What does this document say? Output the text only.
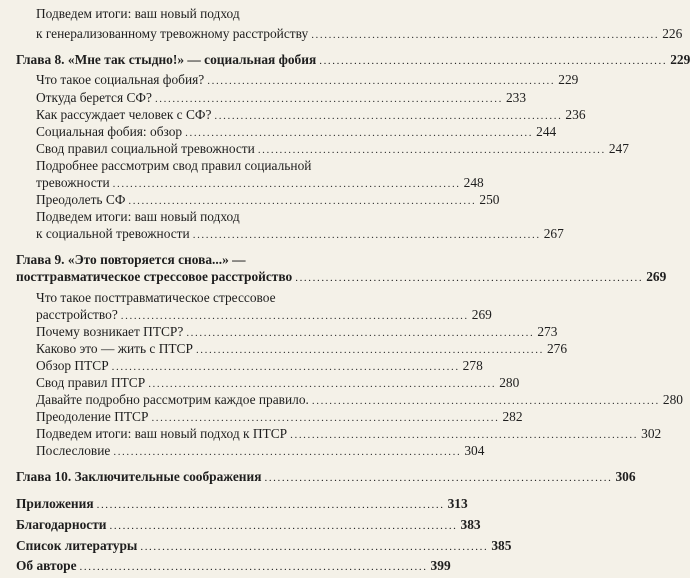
Подведем итоги: ваш новый подход
к генерализованному тревожному расстройству ................................................................................ 226
Глава 8. «Мне так стыдно!» — социальная фобия ................................................................................ 229
Что такое социальная фобия? ................................................................................ 229
Откуда берется СФ? ................................................................................ 233
Как рассуждает человек с СФ? ................................................................................ 236
Социальная фобия: обзор ................................................................................ 244
Свод правил социальной тревожности ................................................................................ 247
Подробнее рассмотрим свод правил социальной
тревожности ................................................................................ 248
Преодолеть СФ ................................................................................ 250
Подведем итоги: ваш новый подход
к социальной тревожности ................................................................................ 267
Глава 9. «Это повторяется снова...» —
посттравматическое стрессовое расстройство ................................................................................ 269
Что такое посттравматическое стрессовое
расстройство? ................................................................................ 269
Почему возникает ПТСР? ................................................................................ 273
Каково это — жить с ПТСР ................................................................................ 276
Обзор ПТСР ................................................................................ 278
Свод правил ПТСР ................................................................................ 280
Давайте подробно рассмотрим каждое правило. ................................................................................ 280
Преодоление ПТСР ................................................................................ 282
Подведем итоги: ваш новый подход к ПТСР ................................................................................ 302
Послесловие ................................................................................ 304
Глава 10. Заключительные соображения ................................................................................ 306
Приложения ................................................................................ 313
Благодарности ................................................................................ 383
Список литературы ................................................................................ 385
Об авторе ................................................................................ 399
